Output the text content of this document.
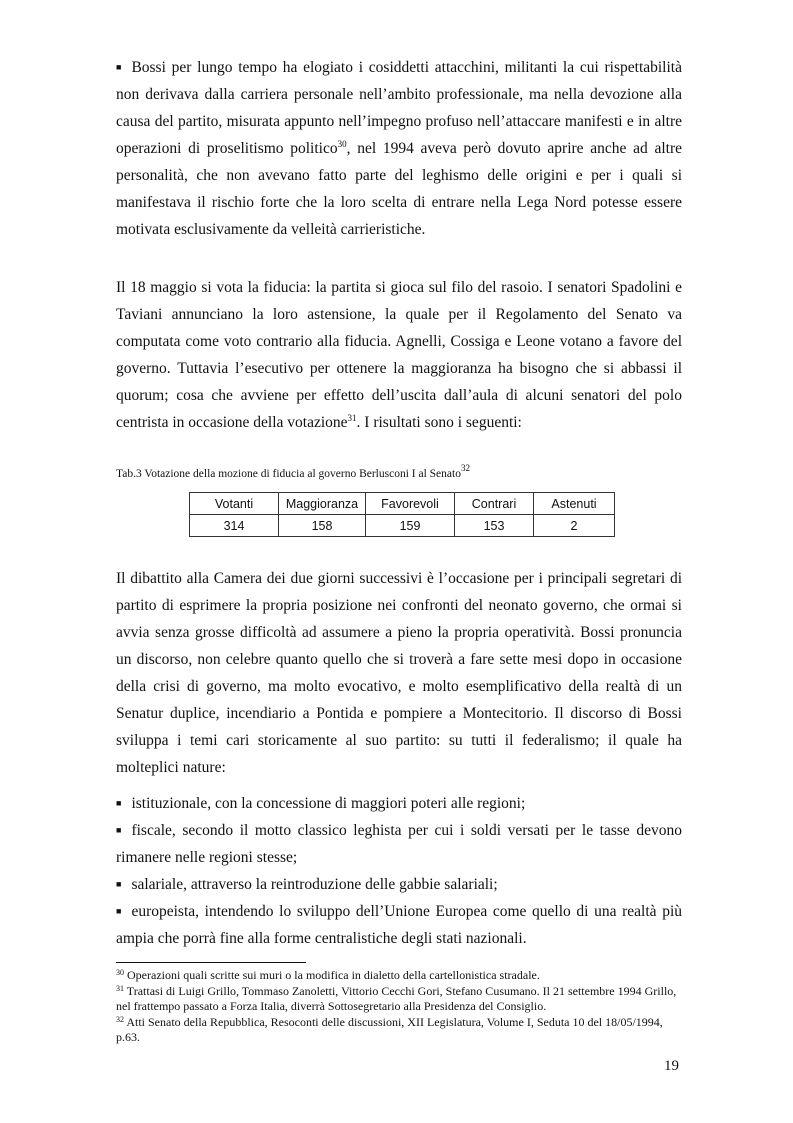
■ Bossi per lungo tempo ha elogiato i cosiddetti attacchini, militanti la cui rispettabilità non derivava dalla carriera personale nell’ambito professionale, ma nella devozione alla causa del partito, misurata appunto nell’impegno profuso nell’attaccare manifesti e in altre operazioni di proselitismo politico$^{30}$, nel 1994 aveva però dovuto aprire anche ad altre personalità, che non avevano fatto parte del leghismo delle origini e per i quali si manifestava il rischio forte che la loro scelta di entrare nella Lega Nord potesse essere motivata esclusivamente da velleità carrieristiche.

Il 18 maggio si vota la fiducia: la partita si gioca sul filo del rasoio. I senatori Spadolini e Taviani annunciano la loro astensione, la quale per il Regolamento del Senato va computata come voto contrario alla fiducia. Agnelli, Cossiga e Leone votano a favore del governo. Tuttavia l’esecutivo per ottenere la maggioranza ha bisogno che si abbassi il quorum; cosa che avviene per effetto dell’uscita dall’aula di alcuni senatori del polo centrista in occasione della votazione$^{31}$. I risultati sono i seguenti:

Tab.3 Votazione della mozione di fiducia al governo Berlusconi I al Senato$^{32}$

Votanti	Maggioranza	Favorevoli	Contrari	Astenuti
314	158	159	153	2

Il dibattito alla Camera dei due giorni successivi è l’occasione per i principali segretari di partito di esprimere la propria posizione nei confronti del neonato governo, che ormai si avvia senza grosse difficoltà ad assumere a pieno la propria operatività. Bossi pronuncia un discorso, non celebre quanto quello che si troverà a fare sette mesi dopo in occasione della crisi di governo, ma molto evocativo, e molto esemplificativo della realtà di un Senatur duplice, incendiario a Pontida e pompiere a Montecitorio. Il discorso di Bossi sviluppa i temi cari storicamente al suo partito: su tutti il federalismo; il quale ha molteplici nature:

■ istituzionale, con la concessione di maggiori poteri alle regioni;

■ fiscale, secondo il motto classico leghista per cui i soldi versati per le tasse devono rimanere nelle regioni stesse;

■ salariale, attraverso la reintroduzione delle gabbie salariali;

■ europeista, intendendo lo sviluppo dell’Unione Europea come quello di una realtà più ampia che porrà fine alla forme centralistiche degli stati nazionali.

$^{30}$ Operazioni quali scritte sui muri o la modifica in dialetto della cartellonistica stradale.

$^{31}$ Trattasi di Luigi Grillo, Tommaso Zanoletti, Vittorio Cecchi Gori, Stefano Cusumano. Il 21 settembre 1994 Grillo, nel frattempo passato a Forza Italia, diverrà Sottosegretario alla Presidenza del Consiglio.

$^{32}$ Atti Senato della Repubblica, Resoconti delle discussioni, XII Legislatura, Volume I, Seduta 10 del 18/05/1994, p.63.

19
